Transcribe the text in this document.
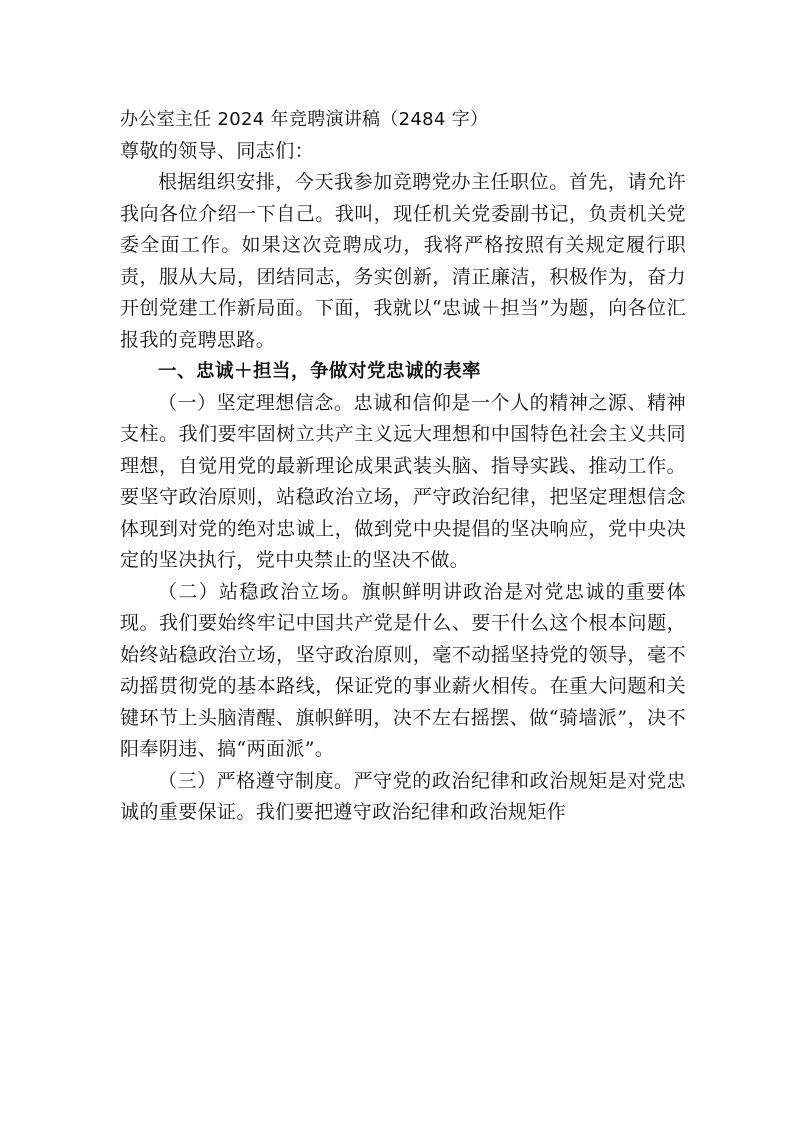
办公室主任 2024 年竞聘演讲稿（2484 字）

尊敬的领导、同志们：

根据组织安排，今天我参加竞聘党办主任职位。首先，请允许我向各位介绍一下自己。我叫，现任机关党委副书记，负责机关党委全面工作。如果这次竞聘成功，我将严格按照有关规定履行职责，服从大局，团结同志，务实创新，清正廉洁，积极作为，奋力开创党建工作新局面。下面，我就以“忠诚＋担当”为题，向各位汇报我的竞聘思路。

一、忠诚＋担当，争做对党忠诚的表率

（一）坚定理想信念。忠诚和信仰是一个人的精神之源、精神支柱。我们要牢固树立共产主义远大理想和中国特色社会主义共同理想，自觉用党的最新理论成果武装头脑、指导实践、推动工作。要坚守政治原则，站稳政治立场，严守政治纪律，把坚定理想信念体现到对党的绝对忠诚上，做到党中央提倡的坚决响应，党中央决定的坚决执行，党中央禁止的坚决不做。

（二）站稳政治立场。旗帜鲜明讲政治是对党忠诚的重要体现。我们要始终牢记中国共产党是什么、要干什么这个根本问题，始终站稳政治立场，坚守政治原则，毫不动摇坚持党的领导，毫不动摇贯彻党的基本路线，保证党的事业薪火相传。在重大问题和关键环节上头脑清醒、旗帜鲜明，决不左右摇摆、做“骑墙派”，决不阳奉阴违、搞“两面派”。

（三）严格遵守制度。严守党的政治纪律和政治规矩是对党忠诚的重要保证。我们要把遵守政治纪律和政治规矩作
